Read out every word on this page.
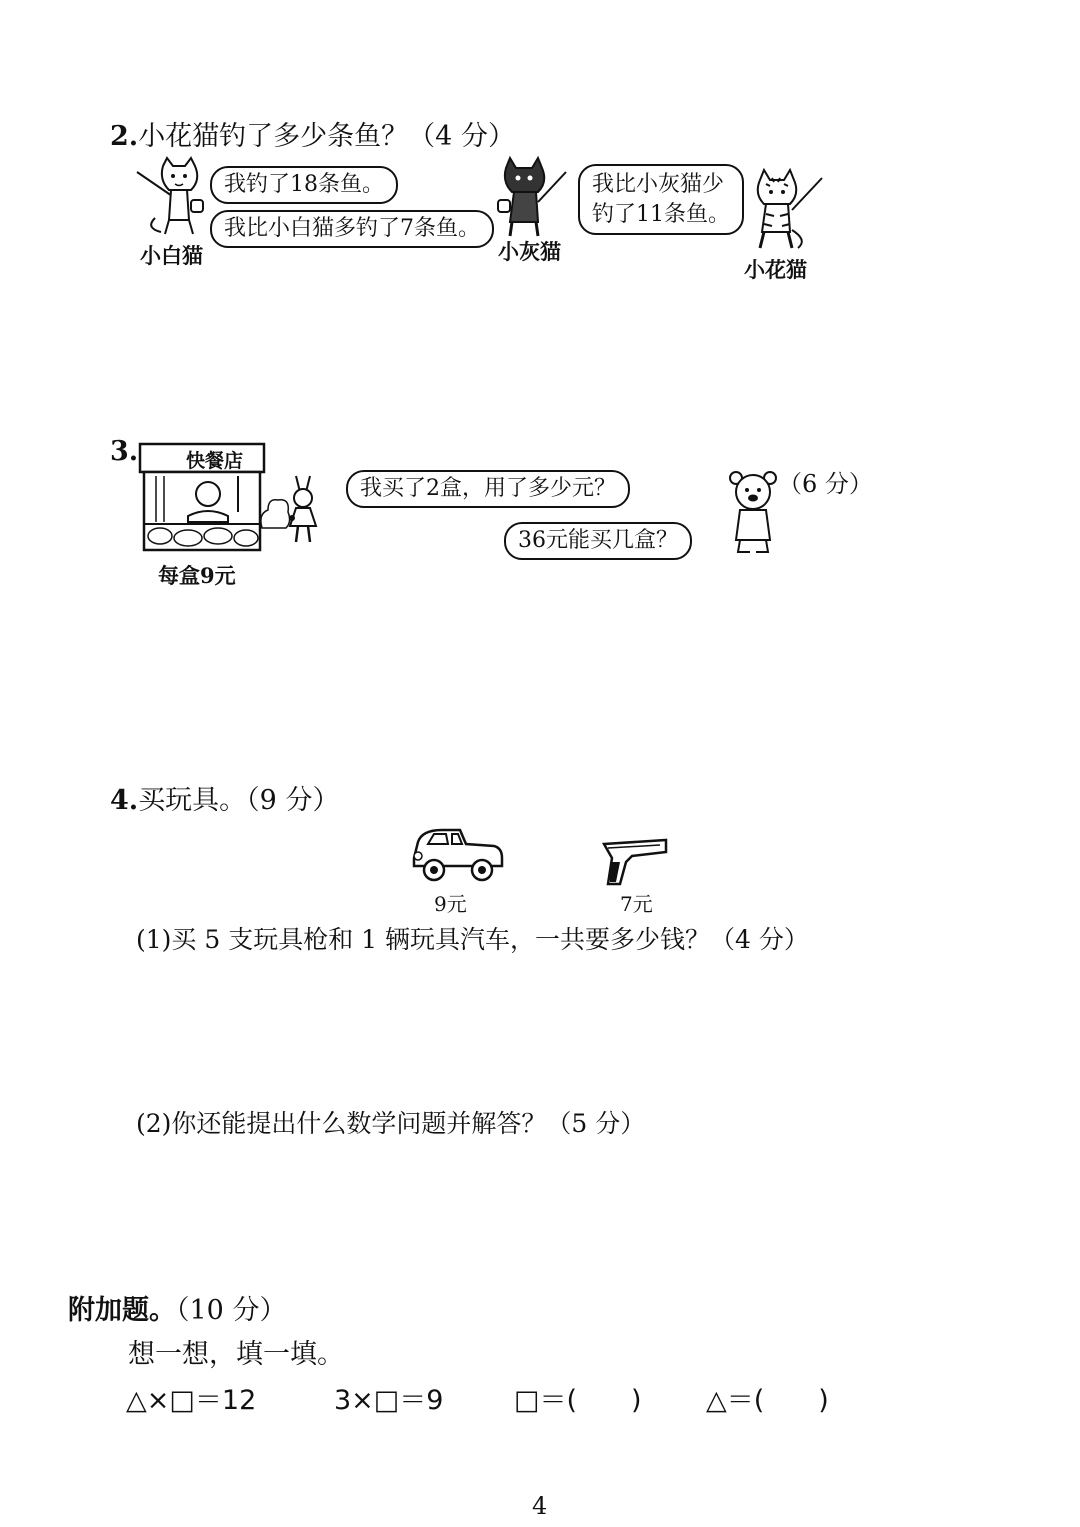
2.小花猫钓了多少条鱼？（4 分）
小白猫
我钓了18条鱼。
我比小白猫多钓了7条鱼。
小灰猫
我比小灰猫少
钓了11条鱼。
小花猫
3.	快餐店
每盒9元
我买了2盒，用了多少元？
36元能买几盒？
（6 分）
4.买玩具。（9 分）
9元	7元
(1)买 5 支玩具枪和 1 辆玩具汽车，一共要多少钱？（4 分）
(2)你还能提出什么数学问题并解答？（5 分）
附加题。（10 分）
想一想，填一填。
△×□＝12	3×□＝9	□＝(　　) △＝(　　)
4
